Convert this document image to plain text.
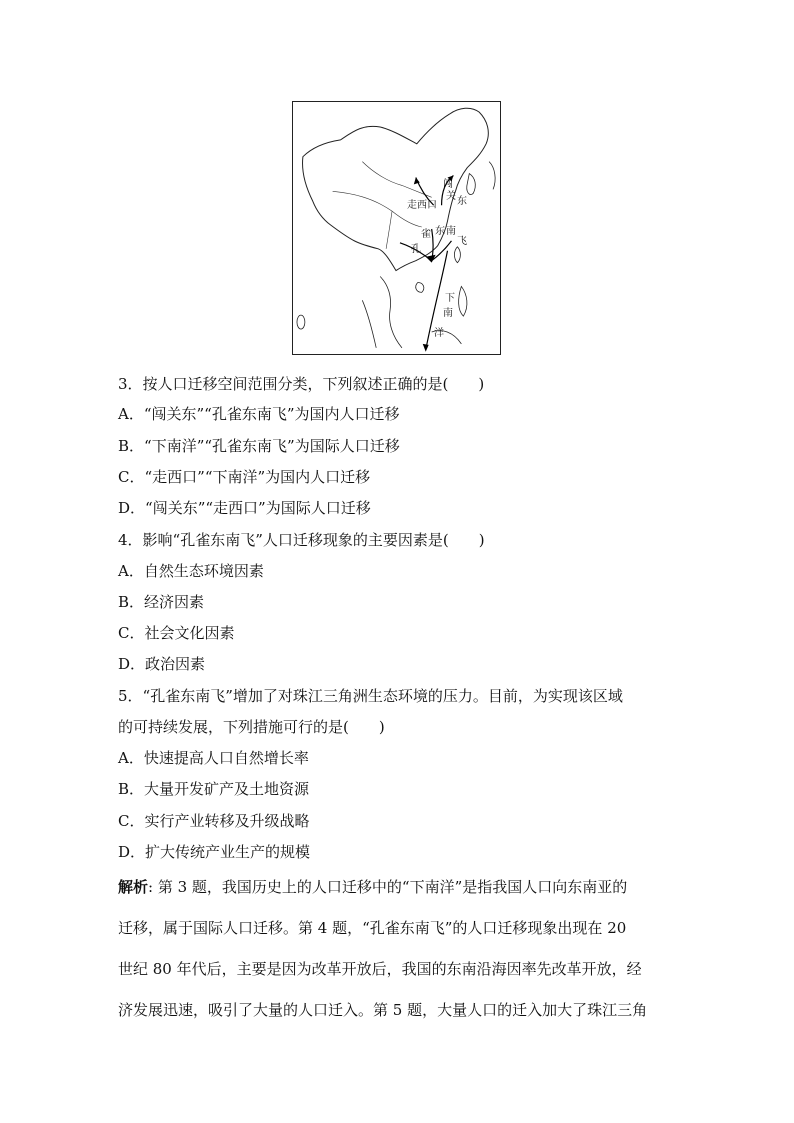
闯
关 东
走西口
雀 东 南
飞
孔
下
南
洋
3．按人口迁移空间范围分类，下列叙述正确的是(　　)
A．“闯关东”“孔雀东南飞”为国内人口迁移
B．“下南洋”“孔雀东南飞”为国际人口迁移
C．“走西口”“下南洋”为国内人口迁移
D．“闯关东”“走西口”为国际人口迁移
4．影响“孔雀东南飞”人口迁移现象的主要因素是(　　)
A．自然生态环境因素
B．经济因素
C．社会文化因素
D．政治因素
5．“孔雀东南飞”增加了对珠江三角洲生态环境的压力。目前，为实现该区域
的可持续发展，下列措施可行的是(　　)
A．快速提高人口自然增长率
B．大量开发矿产及土地资源
C．实行产业转移及升级战略
D．扩大传统产业生产的规模
解析: 第 3 题，我国历史上的人口迁移中的“下南洋”是指我国人口向东南亚的
迁移，属于国际人口迁移。第 4 题，“孔雀东南飞”的人口迁移现象出现在 20
世纪 80 年代后，主要是因为改革开放后，我国的东南沿海因率先改革开放，经
济发展迅速，吸引了大量的人口迁入。第 5 题，大量人口的迁入加大了珠江三角
